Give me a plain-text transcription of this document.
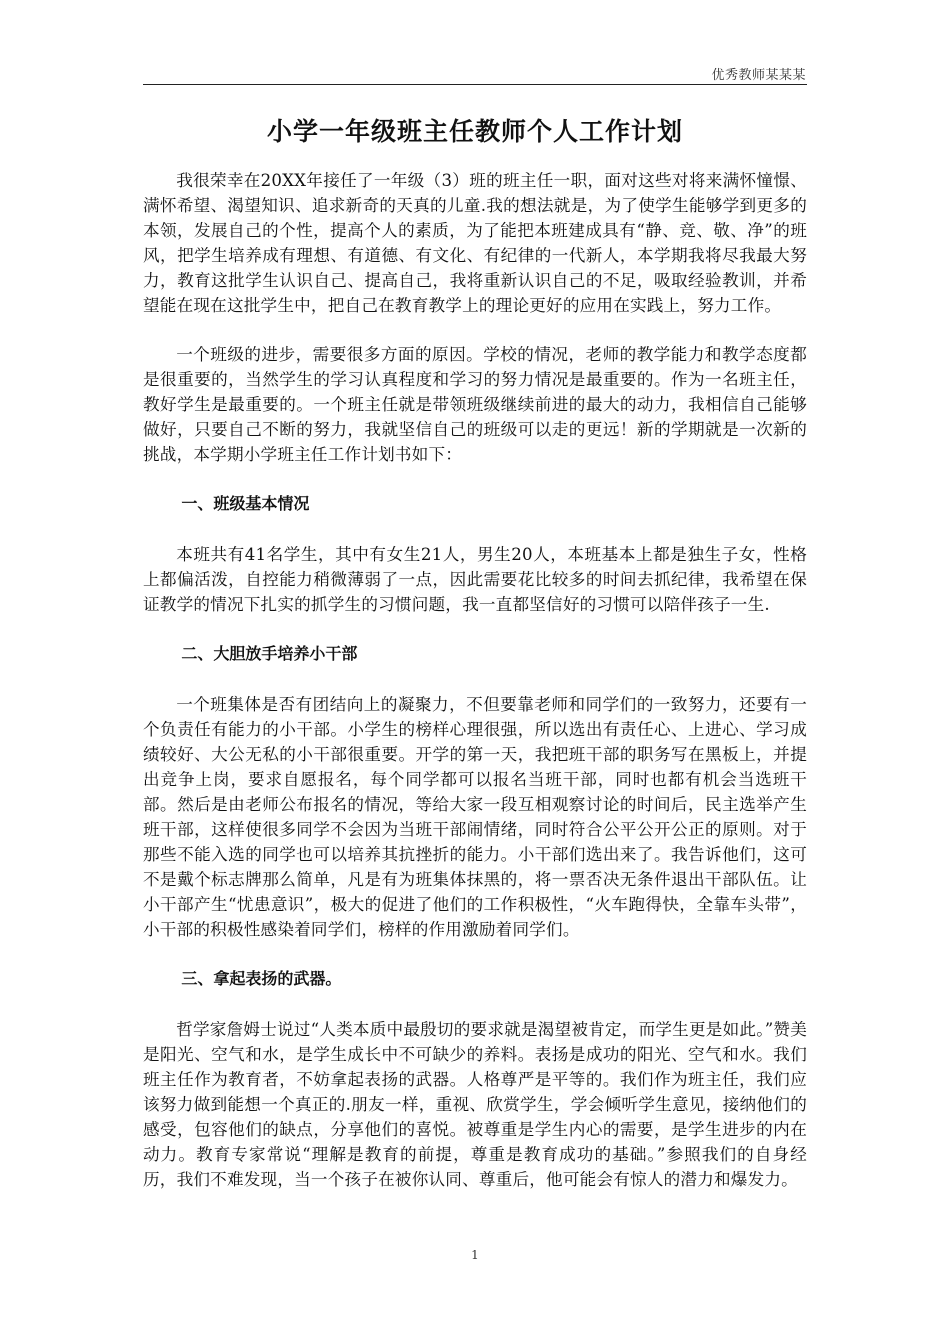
优秀教师某某某
小学一年级班主任教师个人工作计划

我很荣幸在20XX年接任了一年级（3）班的班主任一职，面对这些对将来满怀憧憬、满怀希望、渴望知识、追求新奇的天真的儿童.我的想法就是，为了使学生能够学到更多的本领，发展自己的个性，提高个人的素质，为了能把本班建成具有“静、竞、敬、净”的班风，把学生培养成有理想、有道德、有文化、有纪律的一代新人，本学期我将尽我最大努力，教育这批学生认识自己、提高自己，我将重新认识自己的不足，吸取经验教训，并希望能在现在这批学生中，把自己在教育教学上的理论更好的应用在实践上，努力工作。

一个班级的进步，需要很多方面的原因。学校的情况，老师的教学能力和教学态度都是很重要的，当然学生的学习认真程度和学习的努力情况是最重要的。作为一名班主任，教好学生是最重要的。一个班主任就是带领班级继续前进的最大的动力，我相信自己能够做好，只要自己不断的努力，我就坚信自己的班级可以走的更远！新的学期就是一次新的挑战，本学期小学班主任工作计划书如下：

一、班级基本情况

本班共有41名学生，其中有女生21人，男生20人，本班基本上都是独生子女，性格上都偏活泼，自控能力稍微薄弱了一点，因此需要花比较多的时间去抓纪律，我希望在保证教学的情况下扎实的抓学生的习惯问题，我一直都坚信好的习惯可以陪伴孩子一生.

二、大胆放手培养小干部

一个班集体是否有团结向上的凝聚力，不但要靠老师和同学们的一致努力，还要有一个负责任有能力的小干部。小学生的榜样心理很强，所以选出有责任心、上进心、学习成绩较好、大公无私的小干部很重要。开学的第一天，我把班干部的职务写在黑板上，并提出竞争上岗，要求自愿报名，每个同学都可以报名当班干部，同时也都有机会当选班干部。然后是由老师公布报名的情况，等给大家一段互相观察讨论的时间后，民主选举产生班干部，这样使很多同学不会因为当班干部闹情绪，同时符合公平公开公正的原则。对于那些不能入选的同学也可以培养其抗挫折的能力。小干部们选出来了。我告诉他们，这可不是戴个标志牌那么简单，凡是有为班集体抹黑的，将一票否决无条件退出干部队伍。让小干部产生“忧患意识”，极大的促进了他们的工作积极性，“火车跑得快，全靠车头带”，小干部的积极性感染着同学们，榜样的作用激励着同学们。

三、拿起表扬的武器。

哲学家詹姆士说过“人类本质中最殷切的要求就是渴望被肯定，而学生更是如此。”赞美是阳光、空气和水，是学生成长中不可缺少的养料。表扬是成功的阳光、空气和水。我们班主任作为教育者，不妨拿起表扬的武器。人格尊严是平等的。我们作为班主任，我们应该努力做到能想一个真正的.朋友一样，重视、欣赏学生，学会倾听学生意见，接纳他们的感受，包容他们的缺点，分享他们的喜悦。被尊重是学生内心的需要，是学生进步的内在动力。教育专家常说“理解是教育的前提，尊重是教育成功的基础。”参照我们的自身经历，我们不难发现，当一个孩子在被你认同、尊重后，他可能会有惊人的潜力和爆发力。

1
